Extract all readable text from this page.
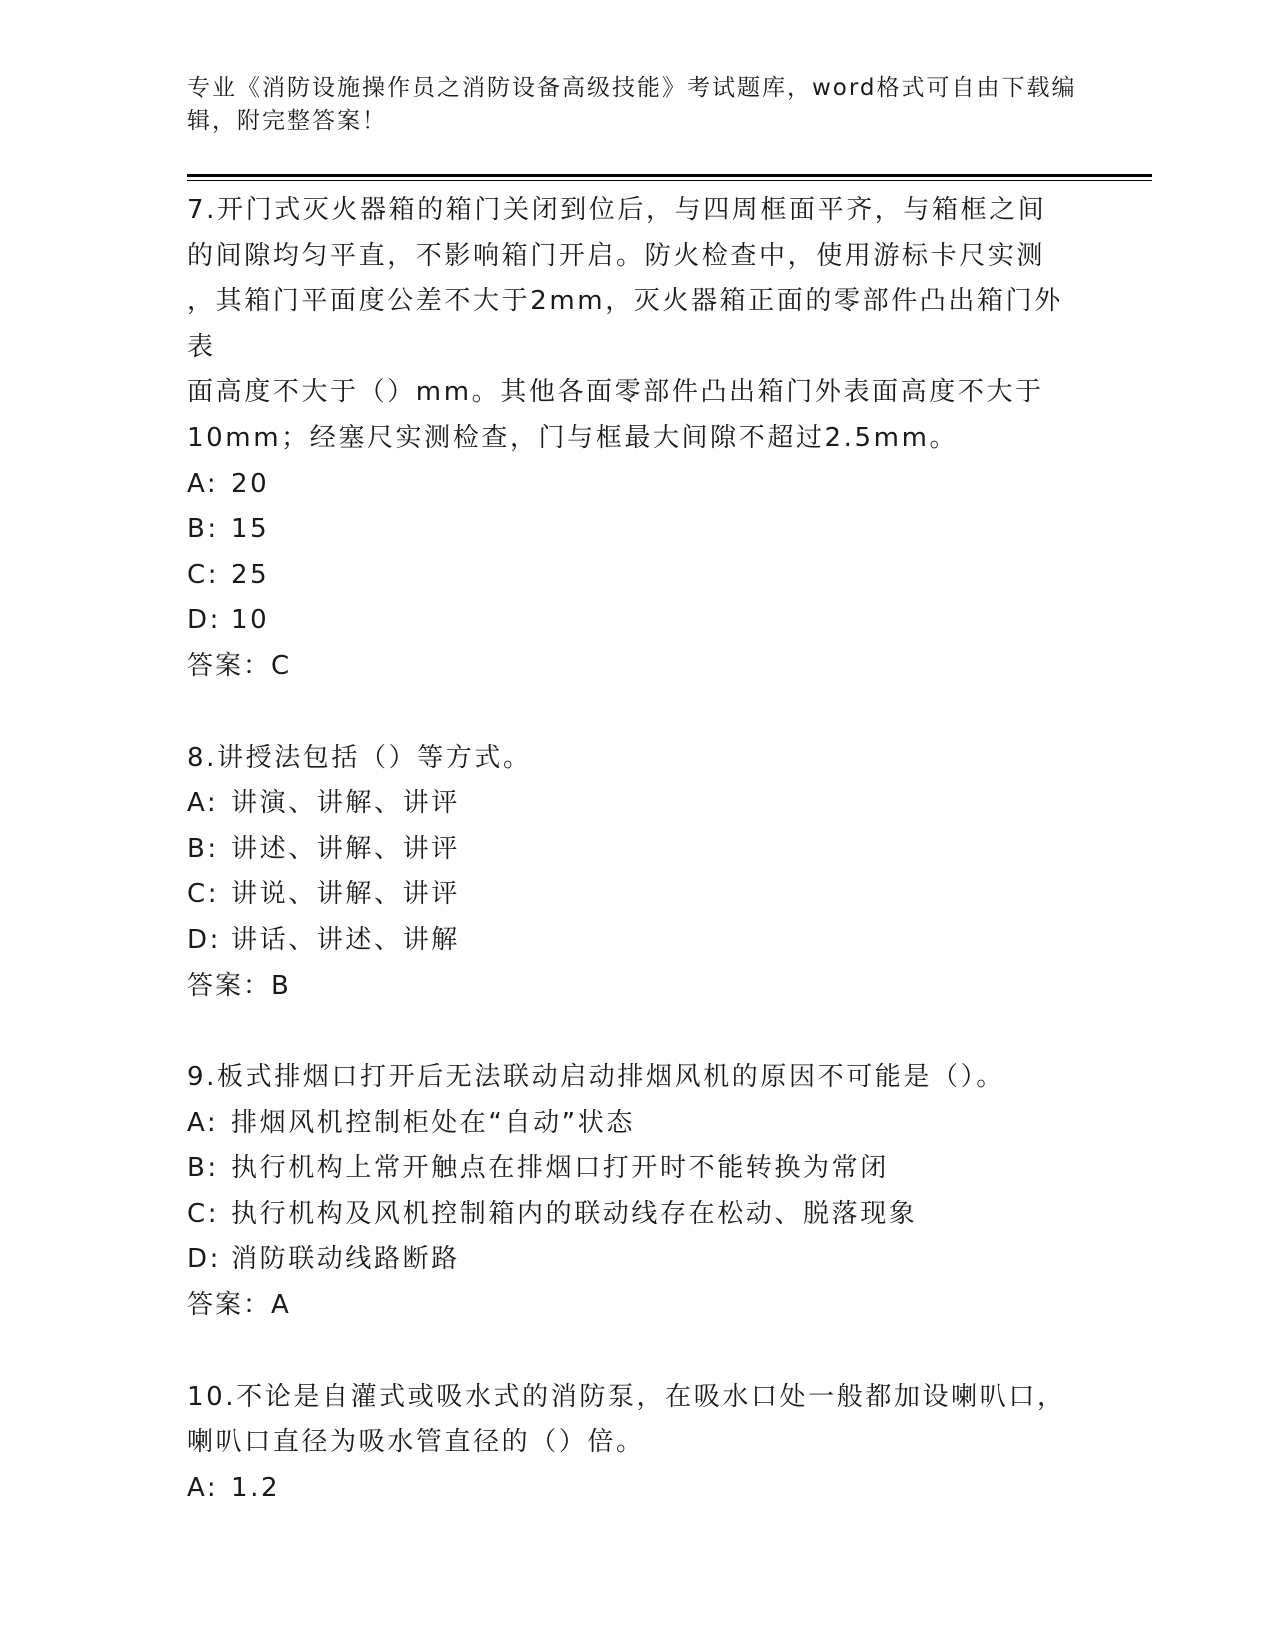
专业《消防设施操作员之消防设备高级技能》考试题库，word格式可自由下载编辑，附完整答案！

7.开门式灭火器箱的箱门关闭到位后，与四周框面平齐，与箱框之间

的间隙均匀平直，不影响箱门开启。防火检查中，使用游标卡尺实测

，其箱门平面度公差不大于2mm，灭火器箱正面的零部件凸出箱门外表

面高度不大于（）mm。其他各面零部件凸出箱门外表面高度不大于

10mm；经塞尺实测检查，门与框最大间隙不超过2.5mm。

A: 20

B: 15

C: 25

D: 10

答案：C

8.讲授法包括（）等方式。

A: 讲演、讲解、讲评

B: 讲述、讲解、讲评

C: 讲说、讲解、讲评

D: 讲话、讲述、讲解

答案：B

9.板式排烟口打开后无法联动启动排烟风机的原因不可能是（）。

A: 排烟风机控制柜处在“自动”状态

B: 执行机构上常开触点在排烟口打开时不能转换为常闭

C: 执行机构及风机控制箱内的联动线存在松动、脱落现象

D: 消防联动线路断路

答案：A

10.不论是自灌式或吸水式的消防泵，在吸水口处一般都加设喇叭口，

喇叭口直径为吸水管直径的（）倍。

A: 1.2
